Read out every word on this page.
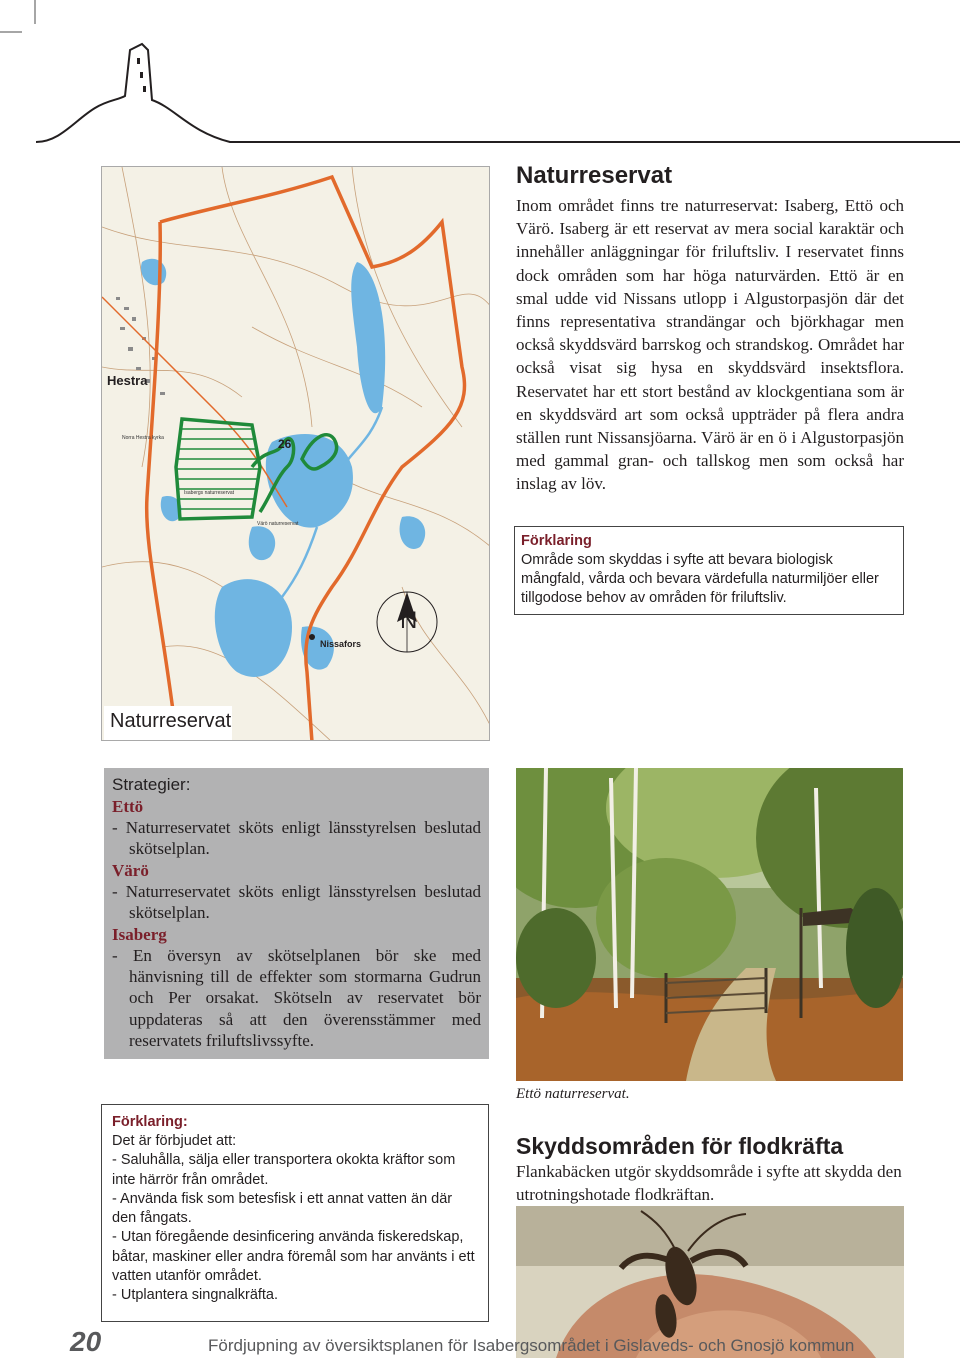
Hestra
26
Nissafors
N
Norra Hestra kyrka
Isabergs naturreservat
Värö naturreservat
Naturreservat
Naturreservat
Inom området finns tre naturreservat: Isaberg, Ettö och Värö. Isaberg är ett reservat av mera social karaktär och innehåller anläggningar för friluftsliv. I reservatet finns dock områden som har höga naturvärden. Ettö är en smal udde vid Nissans utlopp i Algustorpasjön där det finns representativa strandängar och björkhagar men också skyddsvärd barrskog och strandskog. Området har också visat sig hysa en skyddsvärd insektsflora. Reservatet har ett stort bestånd av klockgentiana som är en skyddsvärd art som också uppträder på flera andra ställen runt Nissansjöarna. Värö är en ö i Algustorpasjön med gammal gran- och tallskog men som också har inslag av löv.
Förklaring
Område som skyddas i syfte att bevara biologisk mångfald, vårda och bevara värdefulla naturmiljöer eller tillgodose behov av områden för friluftsliv.
Strategier:
Ettö
- Naturreservatet sköts enligt länsstyrelsen beslutad skötselplan.
Värö
- Naturreservatet sköts enligt länsstyrelsen beslutad skötselplan.
Isaberg
- En översyn av skötselplanen bör ske med hänvisning till de effekter som stormarna Gudrun och Per orsakat. Skötseln av reservatet bör uppdateras så att den överensstämmer med reservatets friluftslivssyfte.
Ettö naturreservat.
Skyddsområden för flodkräfta
Flankabäcken utgör skyddsområde i syfte att skydda den utrotningshotade flodkräftan.
Förklaring:
Det är förbjudet att:
- Saluhålla, sälja eller transportera okokta kräftor som inte härrör från området.
- Använda fisk som betesfisk i ett annat vatten än där den fångats.
- Utan föregående desinficering använda fiskeredskap, båtar, maskiner eller andra föremål som har använts i ett vatten utanför området.
- Utplantera singnalkräfta.
20	Fördjupning av översiktsplanen för Isabergsområdet i Gislaveds- och Gnosjö kommun
